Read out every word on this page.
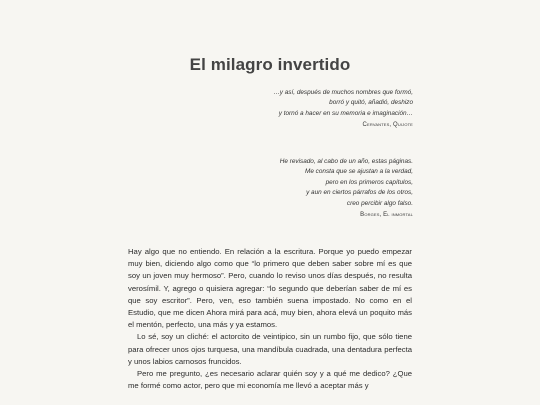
El milagro invertido
…y así, después de muchos nombres que formó,
borró y quitó, añadió, deshizo
y tornó a hacer en su memoria e imaginación…
Cervantes, Quijote
He revisado, al cabo de un año, estas páginas.
Me consta que se ajustan a la verdad,
pero en los primeros capítulos,
y aun en ciertos párrafos de los otros,
creo percibir algo falso.
Borges, El inmortal

Hay algo que no entiendo. En relación a la escritura. Porque yo puedo empezar muy bien, diciendo algo como que “lo primero que deben saber sobre mí es que soy un joven muy hermoso”. Pero, cuando lo reviso unos días después, no resulta verosímil. Y, agrego o quisiera agregar: “lo segundo que deberían saber de mí es que soy escritor”. Pero, ven, eso también suena impostado. No como en el Estudio, que me dicen Ahora mirá para acá, muy bien, ahora elevá un poquito más el mentón, perfecto, una más y ya estamos.

Lo sé, soy un cliché: el actorcito de veintipico, sin un rumbo fijo, que sólo tiene para ofrecer unos ojos turquesa, una mandíbula cuadrada, una dentadura perfecta y unos labios carnosos fruncidos.

Pero me pregunto, ¿es necesario aclarar quién soy y a qué me dedico? ¿Que me formé como actor, pero que mi economía me llevó a aceptar más y
